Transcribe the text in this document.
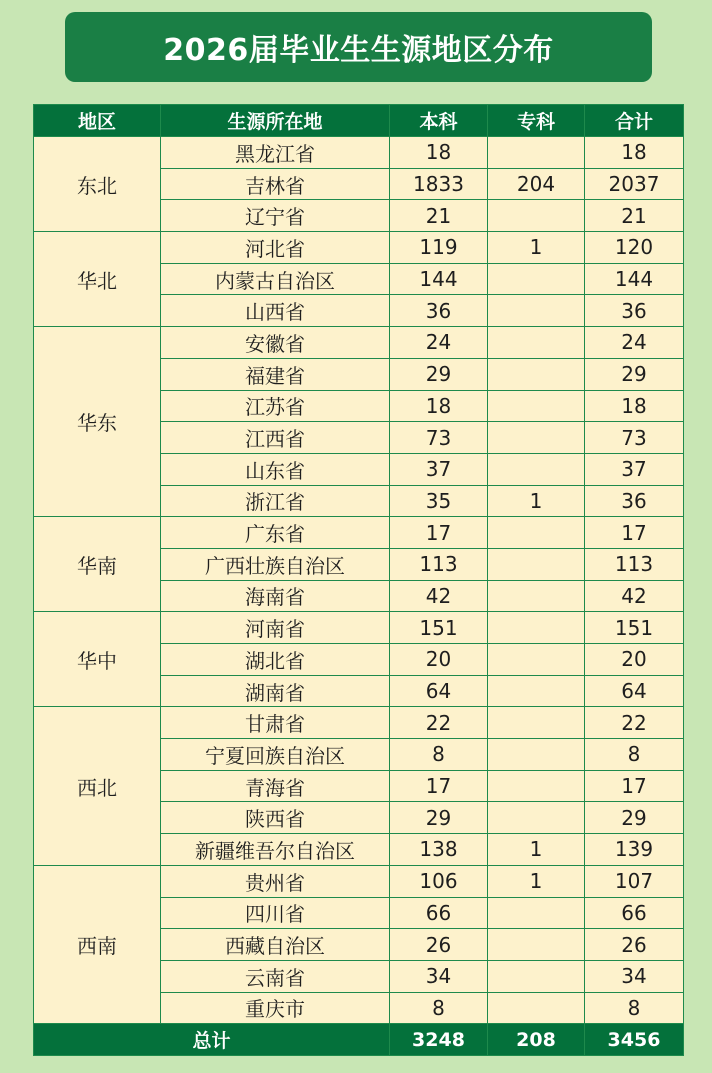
2026届毕业生生源地区分布
地区	生源所在地	本科	专科	合计
东北	黑龙江省	18		18
	吉林省	1833	204	2037
	辽宁省	21		21
华北	河北省	119	1	120
	内蒙古自治区	144		144
	山西省	36		36
华东	安徽省	24		24
	福建省	29		29
	江苏省	18		18
	江西省	73		73
	山东省	37		37
	浙江省	35	1	36
华南	广东省	17		17
	广西壮族自治区	113		113
	海南省	42		42
华中	河南省	151		151
	湖北省	20		20
	湖南省	64		64
西北	甘肃省	22		22
	宁夏回族自治区	8		8
	青海省	17		17
	陕西省	29		29
	新疆维吾尔自治区	138	1	139
西南	贵州省	106	1	107
	四川省	66		66
	西藏自治区	26		26
	云南省	34		34
	重庆市	8		8
总计		3248	208	3456
